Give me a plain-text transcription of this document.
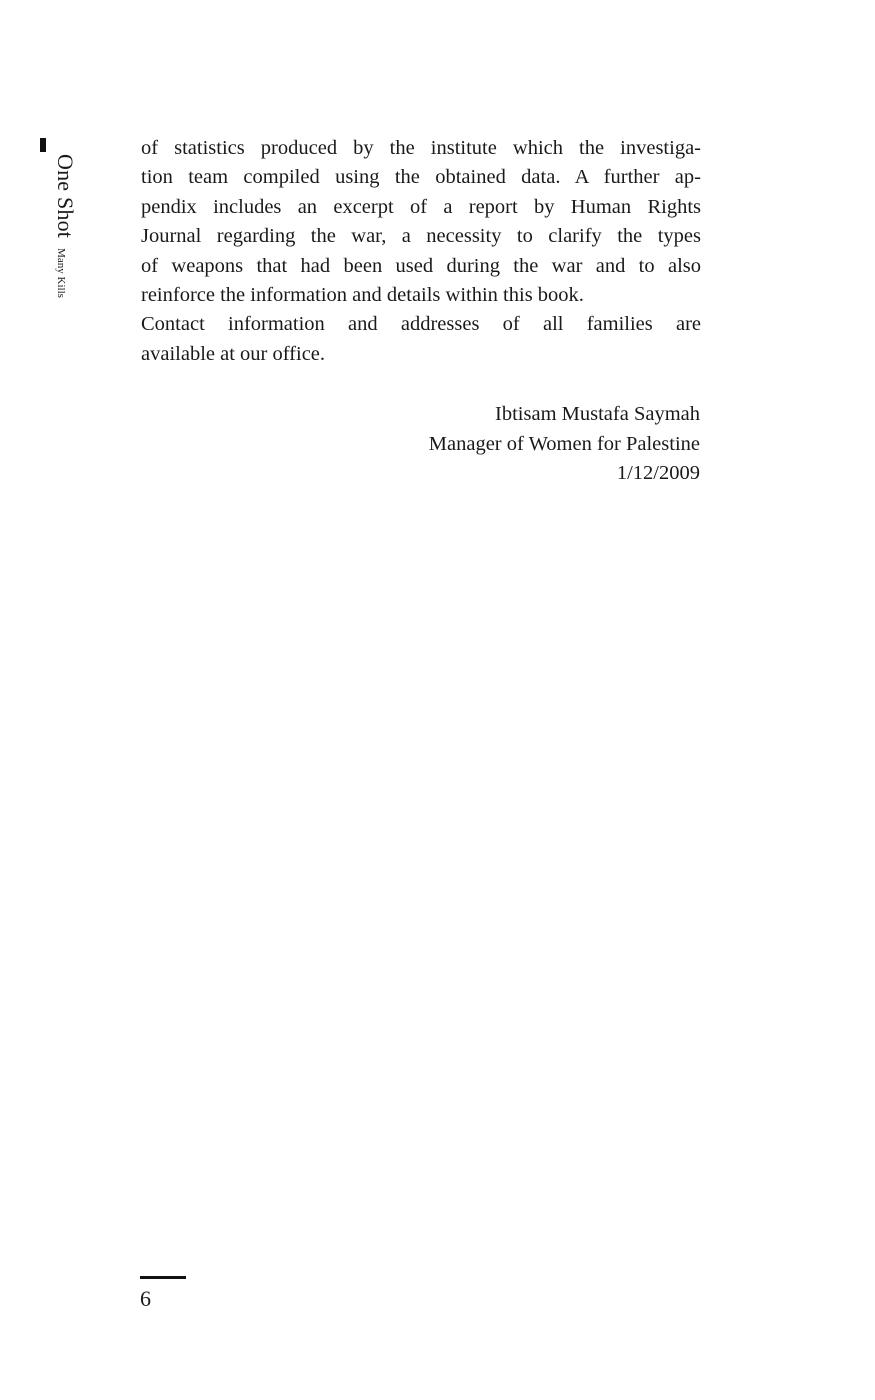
One ShotMany Kills
of statistics produced by the institute which the investiga-
tion team compiled using the obtained data. A further ap-
pendix includes an excerpt of a report by Human Rights
Journal regarding the war, a necessity to clarify the types
of weapons that had been used during the war and to also
reinforce the information and details within this book.
Contact information and addresses of all families are
available at our office.
Ibtisam Mustafa Saymah
Manager of Women for Palestine
1/12/2009
6
